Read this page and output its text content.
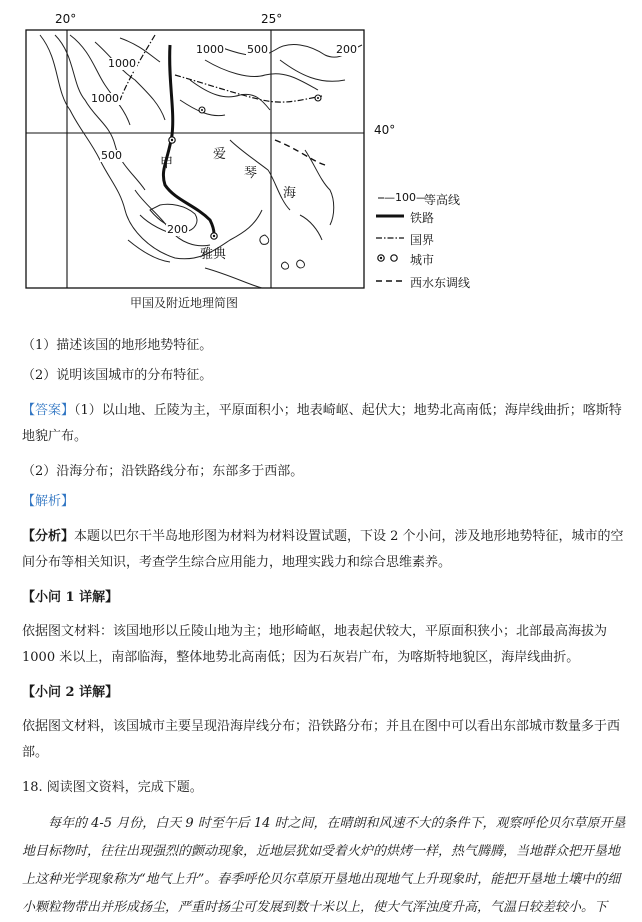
20°	25°
40°
1000 500	200
1000
1000
500
200
甲
爱
琴
海
雅典
—100—
等高线
铁路
国界
城市
西水东调线
甲国及附近地理简图

（1）描述该国的地形地势特征。

（2）说明该国城市的分布特征。

【答案】（1）以山地、丘陵为主，平原面积小；地表崎岖、起伏大；地势北高南低；海岸线曲折；喀斯特地貌广布。

（2）沿海分布；沿铁路线分布；东部多于西部。

【解析】

【分析】本题以巴尔干半岛地形图为材料为材料设置试题，下设 2 个小问，涉及地形地势特征，城市的空间分布等相关知识，考查学生综合应用能力，地理实践力和综合思维素养。

【小问 1 详解】

依据图文材料：该国地形以丘陵山地为主；地形崎岖，地表起伏较大，平原面积狭小；北部最高海拔为 1000 米以上，南部临海，整体地势北高南低；因为石灰岩广布，为喀斯特地貌区，海岸线曲折。

【小问 2 详解】

依据图文材料，该国城市主要呈现沿海岸线分布；沿铁路分布；并且在图中可以看出东部城市数量多于西部。

18. 阅读图文资料，完成下题。

每年的 4-5 月份，白天 9 时至午后 14 时之间，在晴朗和风速不大的条件下，观察呼伦贝尔草原开垦地目标物时，往往出现强烈的颤动现象，近地层犹如受着火炉的烘烤一样，热气腾腾，当地群众把开垦地上这种光学现象称为“地气上升”。春季呼伦贝尔草原开垦地出现地气上升现象时，能把开垦地土壤中的细小颗粒物带出并形成扬尘，严重时扬尘可发展到数十米以上，使大气浑浊度升高，气温日较差较小。下
